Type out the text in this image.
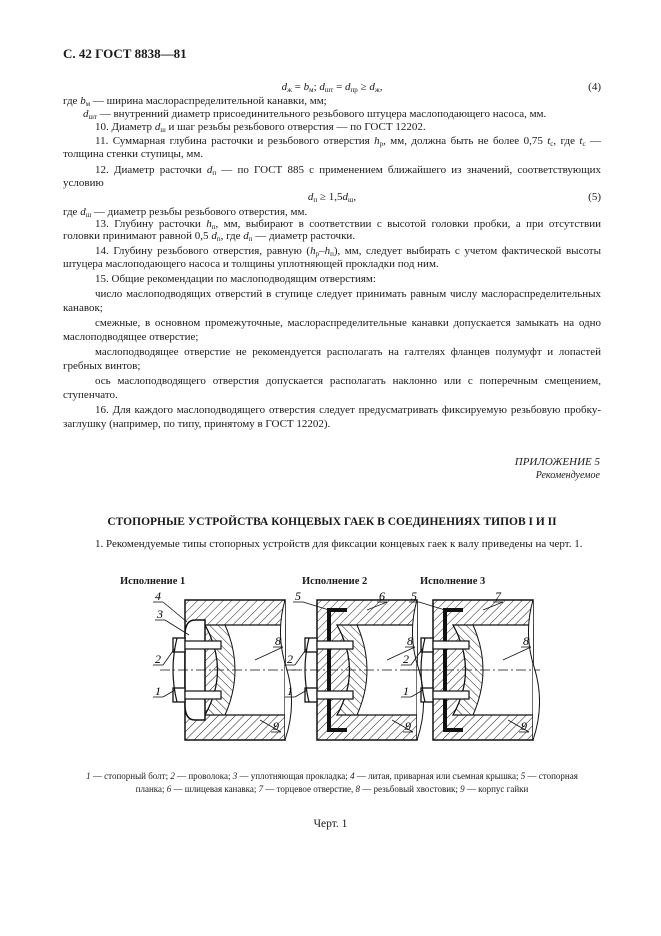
С. 42 ГОСТ 8838—81
$d_ж = b_м$; $d_{шт} = d_{пр} \ge d_ж$,	(4)
где $b_м$ — ширина маслораспределительной канавки, мм;
$d_{шт}$ — внутренний диаметр присоединительного резьбового штуцера маслоподающего насоса, мм.
10. Диаметр $d_ш$ и шаг резьбы резьбового отверстия — по ГОСТ 12202.
11. Суммарная глубина расточки и резьбового отверстия $h_р$, мм, должна быть не более 0,75 $t_с$, где $t_с$ —
толщина стенки ступицы, мм.
12. Диаметр расточки $d_п$ — по ГОСТ 885 с применением ближайшего из значений, соответствующих
условию
$d_п \ge 1,5d_ш$,	(5)
где $d_ш$ — диаметр резьбы резьбового отверстия, мм.
13. Глубину расточки $h_п$, мм, выбирают в соответствии с высотой головки пробки, а при отсутствии
головки принимают равной 0,5 $d_п$, где $d_п$ — диаметр расточки.
14. Глубину резьбового отверстия, равную $(h_р-h_п)$, мм, следует выбирать с учетом фактической высоты
штуцера маслоподающего насоса и толщины уплотняющей прокладки под ним.
15. Общие рекомендации по маслоподводящим отверстиям:
число маслоподводящих отверстий в ступице следует принимать равным числу маслораспределительных
канавок;
смежные, в основном промежуточные, маслораспределительные канавки допускается замыкать на одно
маслоподводящее отверстие;
маслоподводящее отверстие не рекомендуется располагать на галтелях фланцев полумуфт и лопастей
гребных винтов;
ось маслоподводящего отверстия допускается располагать наклонно или с поперечным смещением,
ступенчато.
16. Для каждого маслоподводящего отверстия следует предусматривать фиксируемую резьбовую пробку-
заглушку (например, по типу, принятому в ГОСТ 12202).
ПРИЛОЖЕНИЕ 5
Рекомендуемое
СТОПОРНЫЕ УСТРОЙСТВА КОНЦЕВЫХ ГАЕК В СОЕДИНЕНИЯХ ТИПОВ I И II
1. Рекомендуемые типы стопорных устройств для фиксации концевых гаек к валу приведены на черт. 1.
Исполнение 1	Исполнение 2	Исполнение 3
4
3
2
1
8
9
5	6
2
1
8
9
5	7
2
1
8
9
1 — стопорный болт; 2 — проволока; 3 — уплотняющая прокладка; 4 — литая, приварная или съемная крышка; 5 — стопорная
планка; 6 — шлицевая канавка; 7 — торцевое отверстие, 8 — резьбовый хвостовик; 9 — корпус гайки
Черт. 1
